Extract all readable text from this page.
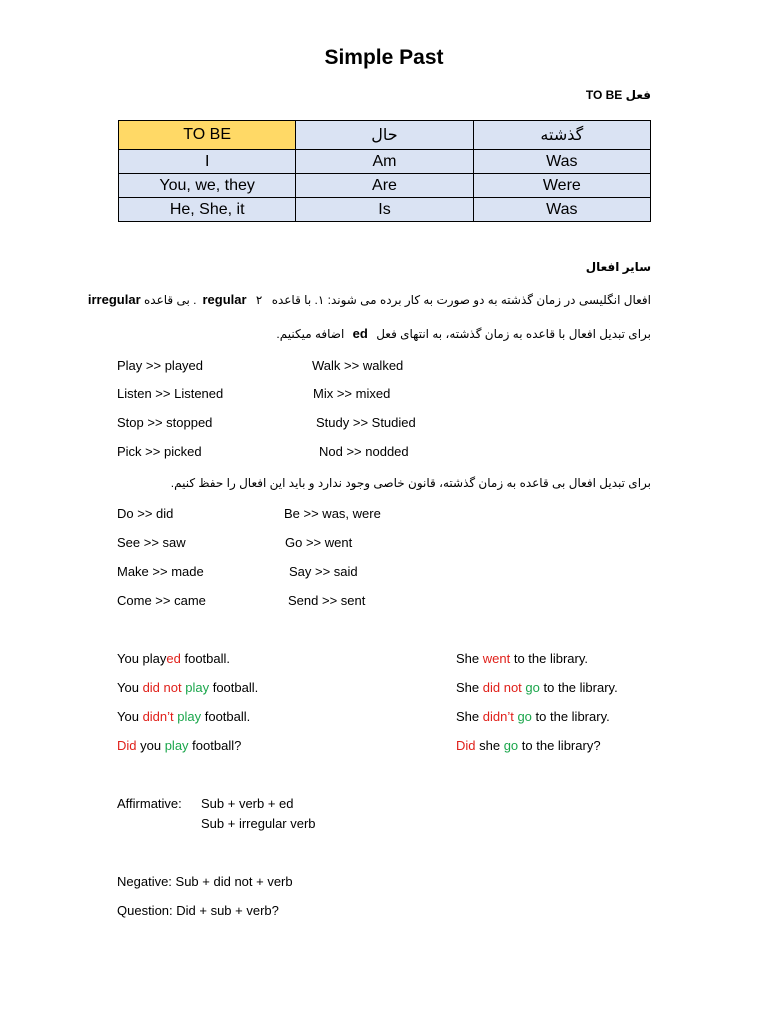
Simple Past
فعل TO BE
TO BE	حال	گذشته
I	Am	Was
You, we, they	Are	Were
He, She, it	Is	Was
سایر افعال
افعال انگلیسی در زمان گذشته به دو صورت به کار برده می شوند: ۱. با قاعده regular ۲. بی قاعده irregular
برای تبدیل افعال با قاعده به زمان گذشته، به انتهای فعل ed اضافه میکنیم.
Play >> played	Walk >> walked
Listen >> Listened	Mix >> mixed
Stop >> stopped	Study >> Studied
Pick >> picked	Nod >> nodded
برای تبدیل افعال بی قاعده به زمان گذشته، قانون خاصی وجود ندارد و باید این افعال را حفظ کنیم.
Do >> did	Be >> was, were
See >> saw	Go >> went
Make >> made	Say >> said
Come >> came	Send >> sent
You played football.
You did not play football.
You didn’t play football.
Did you play football?
She went to the library.
She did not go to the library.
She didn’t go to the library.
Did she go to the library?
Affirmative: Sub + verb + ed
Sub + irregular verb
Negative: Sub + did not + verb
Question: Did + sub + verb?
